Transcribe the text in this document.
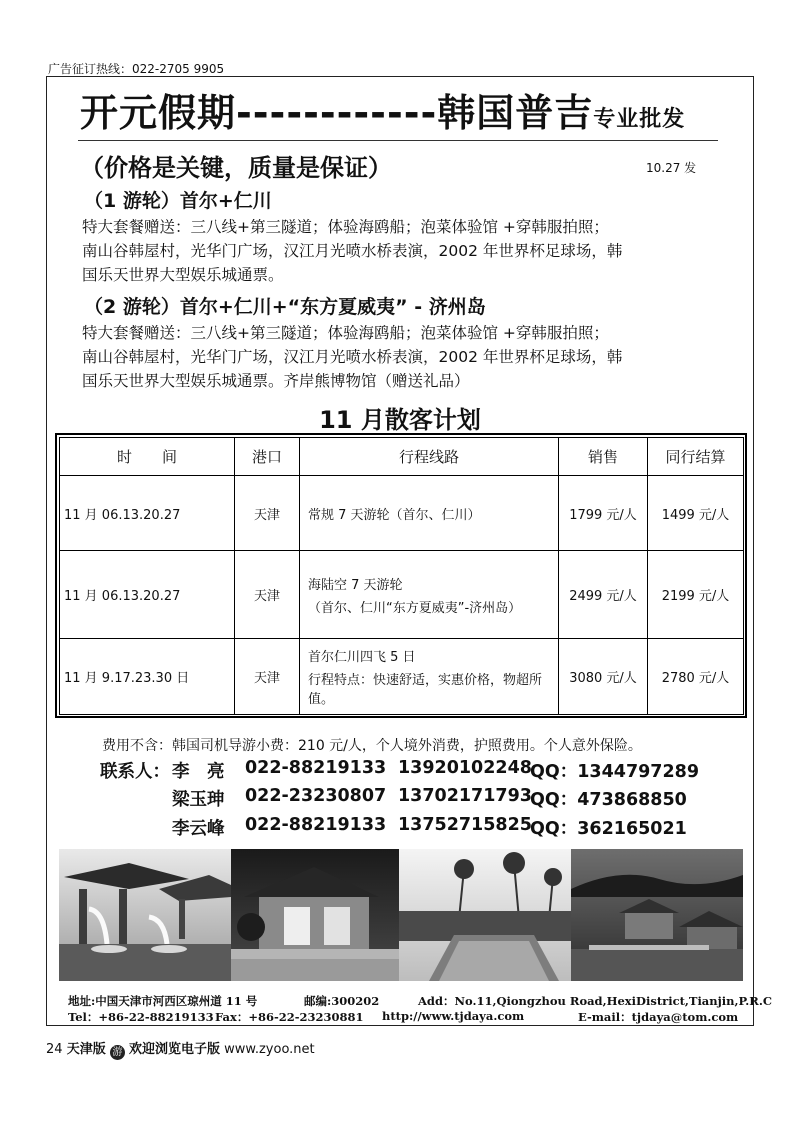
广告征订热线：022-2705 9905
开元假期------------韩国普吉专业批发
（价格是关键，质量是保证）	10.27 发
（1 游轮）首尔+仁川
特大套餐赠送：三八线+第三隧道；体验海鸥船；泡菜体验馆 +穿韩服拍照；
南山谷韩屋村，光华门广场，汉江月光喷水桥表演，2002 年世界杯足球场，韩
国乐天世界大型娱乐城通票。
（2 游轮）首尔+仁川+“东方夏威夷” - 济州岛
特大套餐赠送：三八线+第三隧道；体验海鸥船；泡菜体验馆 +穿韩服拍照；
南山谷韩屋村，光华门广场，汉江月光喷水桥表演，2002 年世界杯足球场，韩
国乐天世界大型娱乐城通票。齐岸熊博物馆（赠送礼品）
11 月散客计划
时　　间	港口	行程线路	销售	同行结算
11 月 06.13.20.27	天津	常规 7 天游轮（首尔、仁川）	1799 元/人	1499 元/人
11 月 06.13.20.27	天津	海陆空 7 天游轮
（首尔、仁川“东方夏威夷”-济州岛）	2499 元/人	2199 元/人
11 月 9.17.23.30 日	天津	首尔仁川四飞 5 日
行程特点：快速舒适，实惠价格，物超所值。	3080 元/人	2780 元/人
费用不含：韩国司机导游小费：210 元/人，个人境外消费，护照费用。个人意外保险。
联系人： 李　亮 022-88219133 13920102248
QQ：1344797289
梁玉珅 022-23230807 13702171793
QQ：473868850
李云峰 022-88219133 13752715825
QQ：362165021
地址:中国天津市河西区琼州道 11 号	邮编:300202	Add：No.11,Qiongzhou Road,HexiDistrict,Tianjin,P.R.C
Tel：+86-22-88219133 Fax：+86-22-23230881 http://www.tjdaya.com	E-mail：tjdaya@tom.com
24 天津版 游 欢迎浏览电子版 www.zyoo.net
